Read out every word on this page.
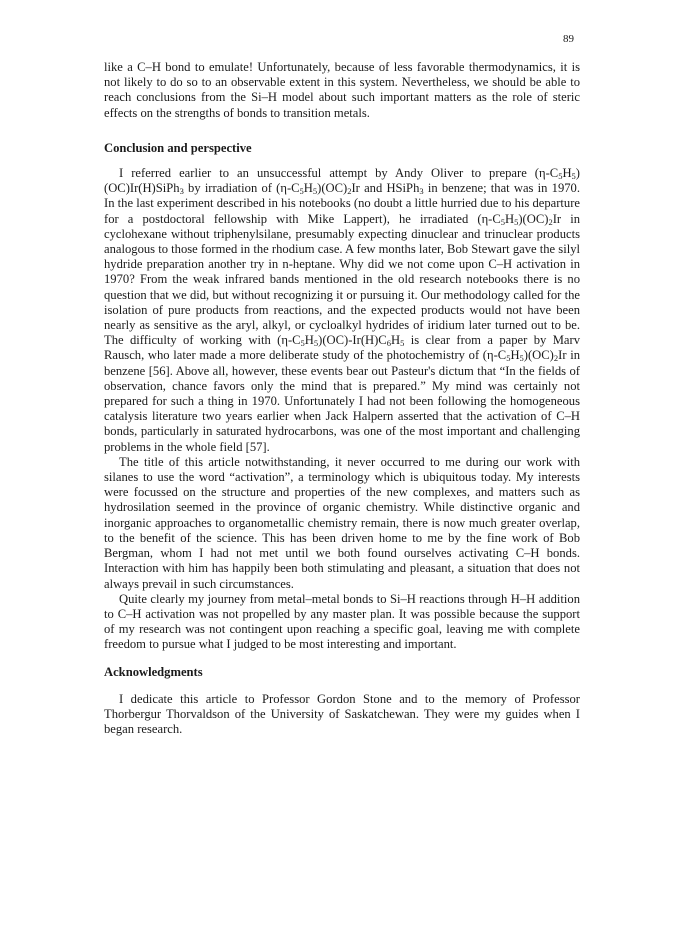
89

like a C–H bond to emulate! Unfortunately, because of less favorable thermodynamics, it is not likely to do so to an observable extent in this system. Nevertheless, we should be able to reach conclusions from the Si–H model about such important matters as the role of steric effects on the strengths of bonds to transition metals.

Conclusion and perspective

I referred earlier to an unsuccessful attempt by Andy Oliver to prepare $(\eta-C_5H_5)(OC)Ir(H)SiPh_3$ by irradiation of $(\eta-C_5H_5)(OC)_2Ir$ and HSiPh$_3$ in benzene; that was in 1970. In the last experiment described in his notebooks (no doubt a little hurried due to his departure for a postdoctoral fellowship with Mike Lappert), he irradiated $(\eta-C_5H_5)(OC)_2Ir$ in cyclohexane without triphenylsilane, presumably expecting dinuclear and trinuclear products analogous to those formed in the rhodium case. A few months later, Bob Stewart gave the silyl hydride preparation another try in n-heptane. Why did we not come upon C–H activation in 1970? From the weak infrared bands mentioned in the old research notebooks there is no question that we did, but without recognizing it or pursuing it. Our methodology called for the isolation of pure products from reactions, and the expected products would not have been nearly as sensitive as the aryl, alkyl, or cycloalkyl hydrides of iridium later turned out to be. The difficulty of working with $(\eta-C_5H_5)(OC)-Ir(H)C_6H_5$ is clear from a paper by Marv Rausch, who later made a more deliberate study of the photochemistry of $(\eta-C_5H_5)(OC)_2Ir$ in benzene [56]. Above all, however, these events bear out Pasteur's dictum that “In the fields of observation, chance favors only the mind that is prepared.” My mind was certainly not prepared for such a thing in 1970. Unfortunately I had not been following the homogeneous catalysis literature two years earlier when Jack Halpern asserted that the activation of C–H bonds, particularly in saturated hydrocarbons, was one of the most important and challenging problems in the whole field [57].

The title of this article notwithstanding, it never occurred to me during our work with silanes to use the word “activation”, a terminology which is ubiquitous today. My interests were focussed on the structure and properties of the new complexes, and matters such as hydrosilation seemed in the province of organic chemistry. While distinctive organic and inorganic approaches to organometallic chemistry remain, there is now much greater overlap, to the benefit of the science. This has been driven home to me by the fine work of Bob Bergman, whom I had not met until we both found ourselves activating C–H bonds. Interaction with him has happily been both stimulating and pleasant, a situation that does not always prevail in such circumstances.

Quite clearly my journey from metal–metal bonds to Si–H reactions through H–H addition to C–H activation was not propelled by any master plan. It was possible because the support of my research was not contingent upon reaching a specific goal, leaving me with complete freedom to pursue what I judged to be most interesting and important.

Acknowledgments

I dedicate this article to Professor Gordon Stone and to the memory of Professor Thorbergur Thorvaldson of the University of Saskatchewan. They were my guides when I began research.
